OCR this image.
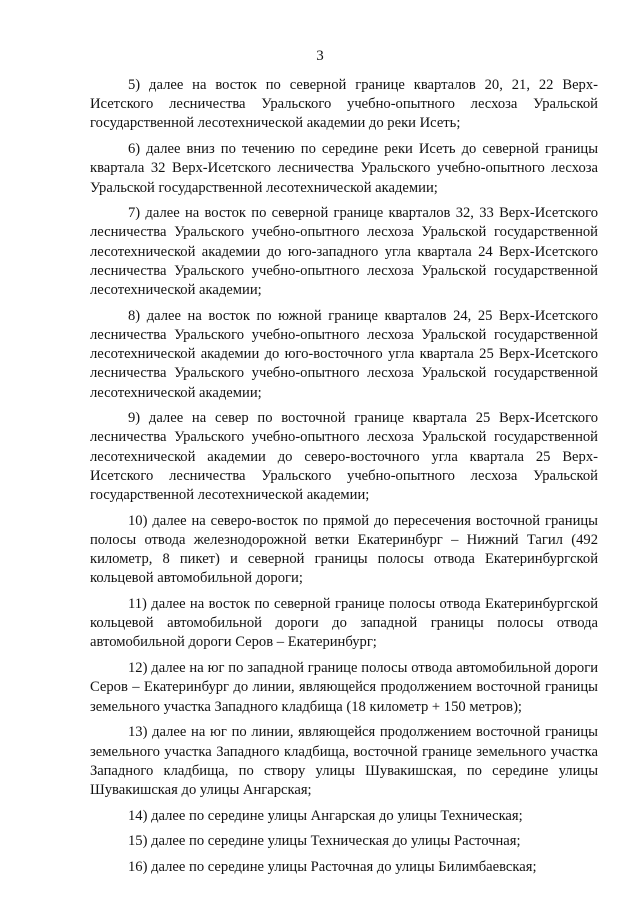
3

5) далее на восток по северной границе кварталов 20, 21, 22 Верх-Исетского лесничества Уральского учебно-опытного лесхоза Уральской государственной лесотехнической академии до реки Исеть;

6) далее вниз по течению по середине реки Исеть до северной границы квартала 32 Верх-Исетского лесничества Уральского учебно-опытного лесхоза Уральской государственной лесотехнической академии;

7) далее на восток по северной границе кварталов 32, 33 Верх-Исетского лесничества Уральского учебно-опытного лесхоза Уральской государственной лесотехнической академии до юго-западного угла квартала 24 Верх-Исетского лесничества Уральского учебно-опытного лесхоза Уральской государственной лесотехнической академии;

8) далее на восток по южной границе кварталов 24, 25 Верх-Исетского лесничества Уральского учебно-опытного лесхоза Уральской государственной лесотехнической академии до юго-восточного угла квартала 25 Верх-Исетского лесничества Уральского учебно-опытного лесхоза Уральской государственной лесотехнической академии;

9) далее на север по восточной границе квартала 25 Верх-Исетского лесничества Уральского учебно-опытного лесхоза Уральской государственной лесотехнической академии до северо-восточного угла квартала 25 Верх-Исетского лесничества Уральского учебно-опытного лесхоза Уральской государственной лесотехнической академии;

10) далее на северо-восток по прямой до пересечения восточной границы полосы отвода железнодорожной ветки Екатеринбург – Нижний Тагил (492 километр, 8 пикет) и северной границы полосы отвода Екатеринбургской кольцевой автомобильной дороги;

11) далее на восток по северной границе полосы отвода Екатеринбургской кольцевой автомобильной дороги до западной границы полосы отвода автомобильной дороги Серов – Екатеринбург;

12) далее на юг по западной границе полосы отвода автомобильной дороги Серов – Екатеринбург до линии, являющейся продолжением восточной границы земельного участка Западного кладбища (18 километр + 150 метров);

13) далее на юг по линии, являющейся продолжением восточной границы земельного участка Западного кладбища, восточной границе земельного участка Западного кладбища, по створу улицы Шувакишская, по середине улицы Шувакишская до улицы Ангарская;

14) далее по середине улицы Ангарская до улицы Техническая;

15) далее по середине улицы Техническая до улицы Расточная;

16) далее по середине улицы Расточная до улицы Билимбаевская;
